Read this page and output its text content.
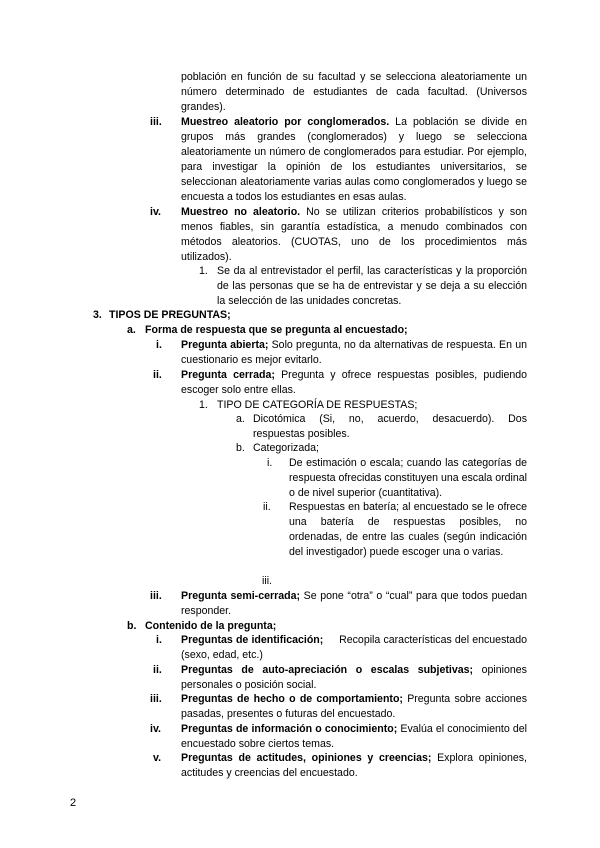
población en función de su facultad y se selecciona aleatoriamente un número determinado de estudiantes de cada facultad. (Universos grandes).
iii. Muestreo aleatorio por conglomerados. La población se divide en grupos más grandes (conglomerados) y luego se selecciona aleatoriamente un número de conglomerados para estudiar. Por ejemplo, para investigar la opinión de los estudiantes universitarios, se seleccionan aleatoriamente varias aulas como conglomerados y luego se encuesta a todos los estudiantes en esas aulas.
iv. Muestreo no aleatorio. No se utilizan criterios probabilísticos y son menos fiables, sin garantía estadística, a menudo combinados con métodos aleatorios. (CUOTAS, uno de los procedimientos más utilizados).
1. Se da al entrevistador el perfil, las características y la proporción de las personas que se ha de entrevistar y se deja a su elección la selección de las unidades concretas.
3. TIPOS DE PREGUNTAS;
a. Forma de respuesta que se pregunta al encuestado;
i. Pregunta abierta; Solo pregunta, no da alternativas de respuesta. En un cuestionario es mejor evitarlo.
ii. Pregunta cerrada; Pregunta y ofrece respuestas posibles, pudiendo escoger solo entre ellas.
1. TIPO DE CATEGORÍA DE RESPUESTAS;
a. Dicotómica (Si, no, acuerdo, desacuerdo). Dos respuestas posibles.
b. Categorizada;
i. De estimación o escala; cuando las categorías de respuesta ofrecidas constituyen una escala ordinal o de nivel superior (cuantitativa).
ii. Respuestas en batería; al encuestado se le ofrece una batería de respuestas posibles, no ordenadas, de entre las cuales (según indicación del investigador) puede escoger una o varias.
iii.
iii. Pregunta semi-cerrada; Se pone “otra” o “cual” para que todos puedan responder.
b. Contenido de la pregunta;
i. Preguntas de identificación;     Recopila características del encuestado (sexo, edad, etc.)
ii. Preguntas de auto-apreciación o escalas subjetivas; opiniones personales o posición social.
iii. Preguntas de hecho o de comportamiento; Pregunta sobre acciones pasadas, presentes o futuras del encuestado.
iv. Preguntas de información o conocimiento; Evalúa el conocimiento del encuestado sobre ciertos temas.
v. Preguntas de actitudes, opiniones y creencias; Explora opiniones, actitudes y creencias del encuestado.
2
